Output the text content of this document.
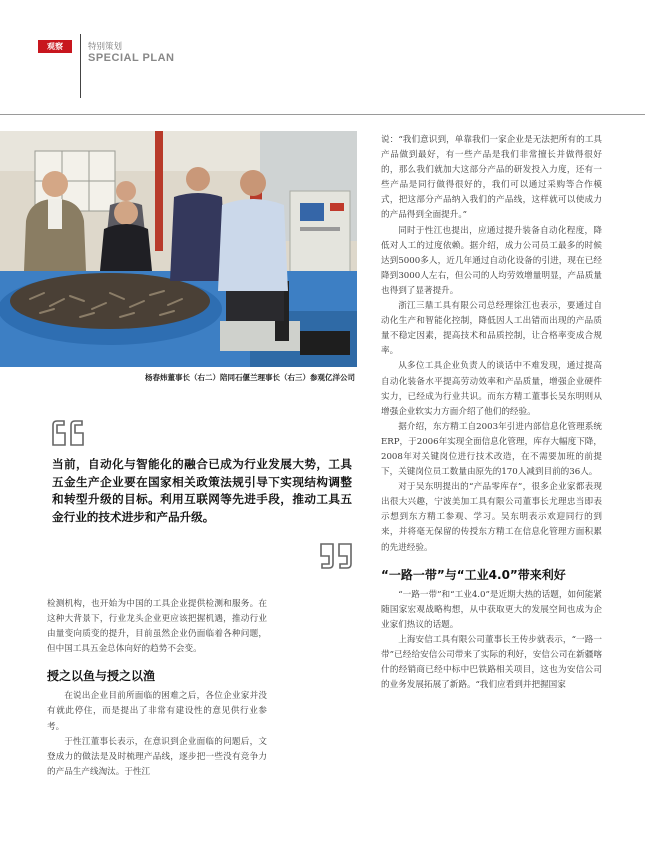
观察	特别策划
SPECIAL PLAN
杨春炜董事长（右二）陪同石偃兰理事长（右三）参观亿洋公司
当前，自动化与智能化的融合已成为行业发展大势，工具五金生产企业要在国家相关政策法规引导下实现结构调整和转型升级的目标。利用互联网等先进手段，推动工具五金行业的技术进步和产品升级。

检测机构，也开始为中国的工具企业提供检测和服务。在这种大背景下，行业龙头企业更应该把握机遇，推动行业由量变向质变的提升，目前虽然企业仍面临着各种问题，但中国工具五金总体向好的趋势不会变。

授之以鱼与授之以渔

在说出企业目前所面临的困难之后，各位企业家并没有就此停住，而是提出了非常有建设性的意见供行业参考。

于性江董事长表示，在意识到企业面临的问题后，文登成力的做法是及时梳理产品线，逐步把一些没有竞争力的产品生产线淘汰。于性江

说：“我们意识到，单靠我们一家企业是无法把所有的工具产品做到最好，有一些产品是我们非常擅长并做得很好的，那么我们就加大这部分产品的研发投入力度，还有一些产品是同行做得很好的，我们可以通过采购等合作模式，把这部分产品纳入我们的产品线，这样就可以使成力的产品得到全面提升。”

同时于性江也提出，应通过提升装备自动化程度，降低对人工的过度依赖。据介绍，成力公司员工最多的时候达到5000多人，近几年通过自动化设备的引进，现在已经降到3000人左右，但公司的人均劳效增量明显，产品质量也得到了显著提升。

浙江三鼎工具有限公司总经理徐江也表示，要通过自动化生产和智能化控制，降低因人工出错而出现的产品质量不稳定因素，提高技术和品质控制，让合格率变成合规率。

从多位工具企业负责人的谈话中不难发现，通过提高自动化装备水平提高劳动效率和产品质量，增强企业硬件实力，已经成为行业共识。而东方精工董事长吴东明则从增强企业软实力方面介绍了他们的经验。

据介绍，东方精工自2003年引进内部信息化管理系统ERP，于2006年实现全面信息化管理，库存大幅度下降，2008年对关键岗位进行技术改造，在不需要加班的前提下，关键岗位员工数量由原先的170人减到目前的36人。

对于吴东明提出的“产品零库存”，很多企业家都表现出很大兴趣，宁波美加工具有限公司董事长尤理忠当即表示想到东方精工参观、学习。吴东明表示欢迎同行的到来，并将毫无保留的传授东方精工在信息化管理方面积累的先进经验。

“一路一带”与“工业4.0”带来利好

“一路一带”和“工业4.0”是近期大热的话题，如何能紧随国家宏观战略构想，从中获取更大的发展空间也成为企业家们热议的话题。

上海安信工具有限公司董事长王传步就表示，“一路一带”已经给安信公司带来了实际的利好，安信公司在新疆喀什的经销商已经中标中巴铁路相关项目，这也为安信公司的业务发展拓展了新路。“我们应看到并把握国家
